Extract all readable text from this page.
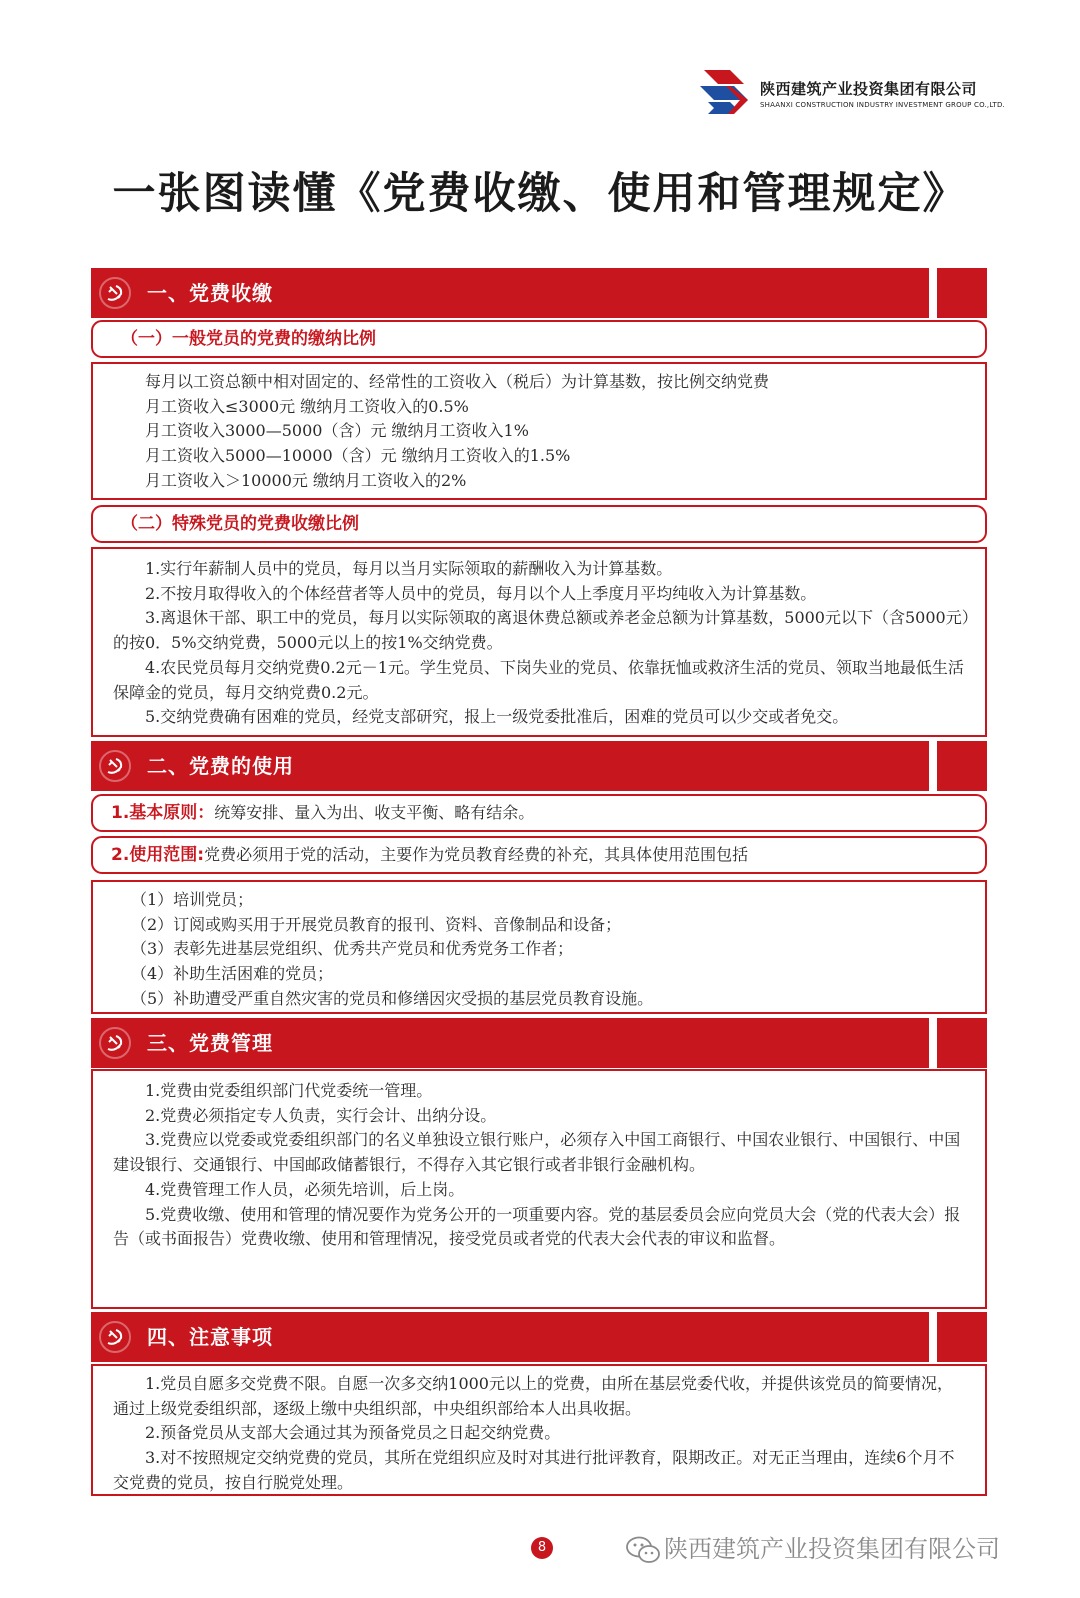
陕西建筑产业投资集团有限公司
SHAANXI CONSTRUCTION INDUSTRY INVESTMENT GROUP CO.,LTD.
一张图读懂《党费收缴、使用和管理规定》
一、党费收缴
（一）一般党员的党费的缴纳比例

每月以工资总额中相对固定的、经常性的工资收入（税后）为计算基数，按比例交纳党费

月工资收入≤3000元 缴纳月工资收入的0.5%

月工资收入3000—5000（含）元 缴纳月工资收入1%

月工资收入5000—10000（含）元 缴纳月工资收入的1.5%

月工资收入＞10000元 缴纳月工资收入的2%

（二）特殊党员的党费收缴比例

1.实行年薪制人员中的党员，每月以当月实际领取的薪酬收入为计算基数。

2.不按月取得收入的个体经营者等人员中的党员，每月以个人上季度月平均纯收入为计算基数。

3.离退休干部、职工中的党员，每月以实际领取的离退休费总额或养老金总额为计算基数，5000元以下（含5000元）的按0．5%交纳党费，5000元以上的按1%交纳党费。

4.农民党员每月交纳党费0.2元－1元。学生党员、下岗失业的党员、依靠抚恤或救济生活的党员、领取当地最低生活保障金的党员，每月交纳党费0.2元。

5.交纳党费确有困难的党员，经党支部研究，报上一级党委批准后，困难的党员可以少交或者免交。

二、党费的使用
1.基本原则：统筹安排、量入为出、收支平衡、略有结余。
2.使用范围:党费必须用于党的活动，主要作为党员教育经费的补充，其具体使用范围包括

（1）培训党员；

（2）订阅或购买用于开展党员教育的报刊、资料、音像制品和设备；

（3）表彰先进基层党组织、优秀共产党员和优秀党务工作者；

（4）补助生活困难的党员；

（5）补助遭受严重自然灾害的党员和修缮因灾受损的基层党员教育设施。

三、党费管理

1.党费由党委组织部门代党委统一管理。

2.党费必须指定专人负责，实行会计、出纳分设。

3.党费应以党委或党委组织部门的名义单独设立银行账户，必须存入中国工商银行、中国农业银行、中国银行、中国建设银行、交通银行、中国邮政储蓄银行，不得存入其它银行或者非银行金融机构。

4.党费管理工作人员，必须先培训，后上岗。

5.党费收缴、使用和管理的情况要作为党务公开的一项重要内容。党的基层委员会应向党员大会（党的代表大会）报告（或书面报告）党费收缴、使用和管理情况，接受党员或者党的代表大会代表的审议和监督。

四、注意事项

1.党员自愿多交党费不限。自愿一次多交纳1000元以上的党费，由所在基层党委代收，并提供该党员的简要情况，通过上级党委组织部，逐级上缴中央组织部，中央组织部给本人出具收据。

2.预备党员从支部大会通过其为预备党员之日起交纳党费。

3.对不按照规定交纳党费的党员，其所在党组织应及时对其进行批评教育，限期改正。对无正当理由，连续6个月不交党费的党员，按自行脱党处理。

8	陕西建筑产业投资集团有限公司
